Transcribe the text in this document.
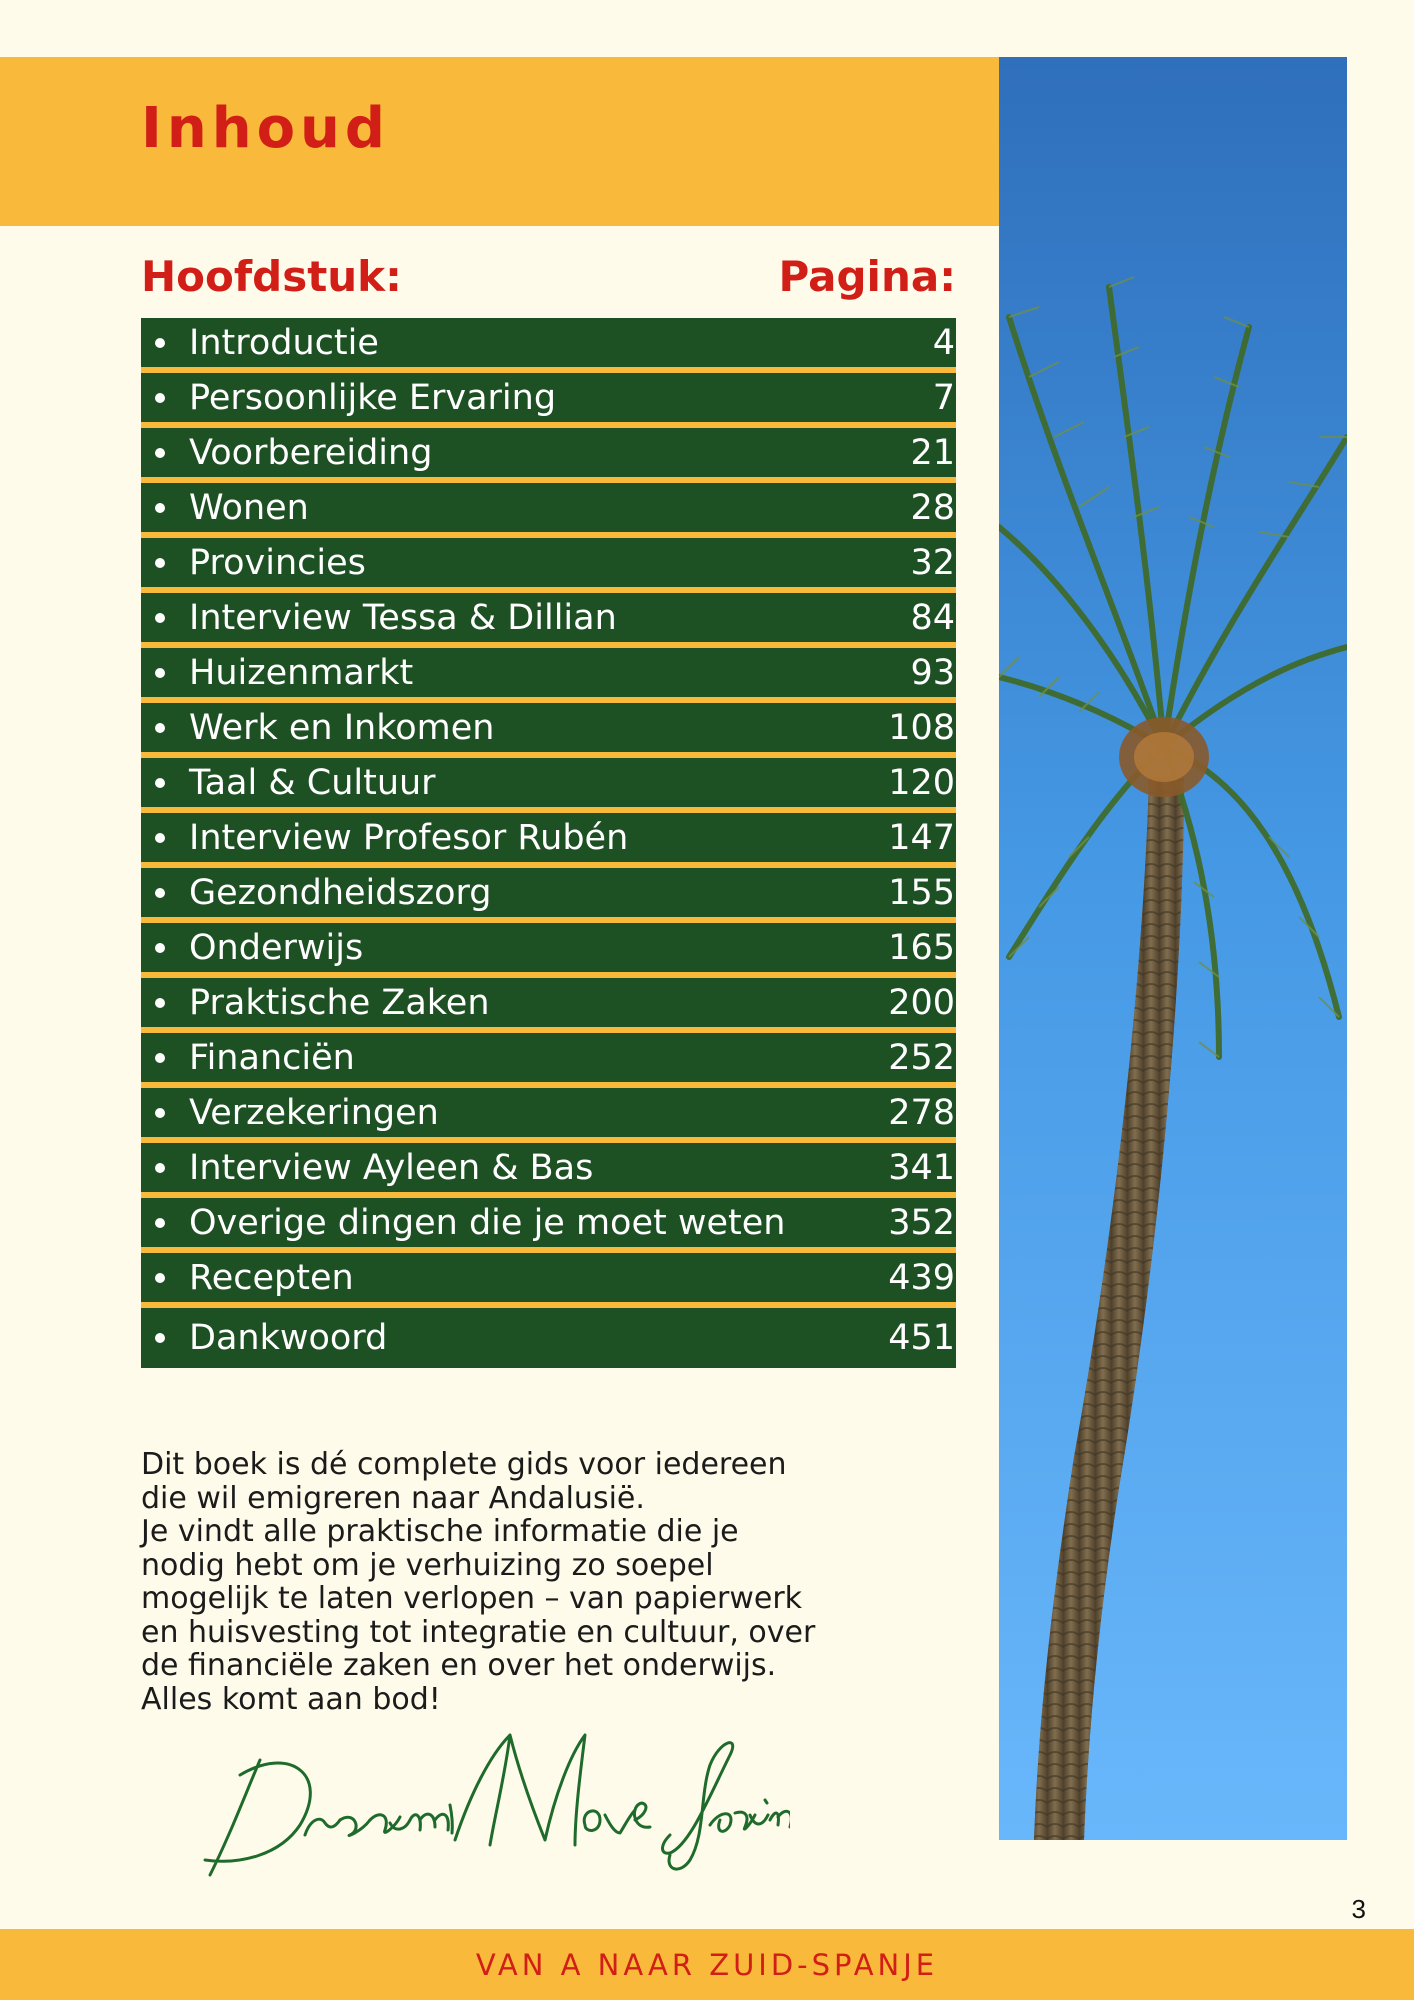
Inhoud
Hoofdstuk:	Pagina:
Introductie	4
Persoonlijke Ervaring	7
Voorbereiding	21
Wonen	28
Provincies	32
Interview Tessa & Dillian	84
Huizenmarkt	93
Werk en Inkomen	108
Taal & Cultuur	120
Interview Profesor Rubén	147
Gezondheidszorg	155
Onderwijs	165
Praktische Zaken	200
Financiën	252
Verzekeringen	278
Interview Ayleen & Bas	341
Overige dingen die je moet weten	352
Recepten	439
Dankwoord	451

Dit boek is dé complete gids voor iedereen
die wil emigreren naar Andalusië.
Je vindt alle praktische informatie die je
nodig hebt om je verhuizing zo soepel
mogelijk te laten verlopen – van papierwerk
en huisvesting tot integratie en cultuur, over
de financiële zaken en over het onderwijs.
Alles komt aan bod!

3
VAN A NAAR ZUID-SPANJE
